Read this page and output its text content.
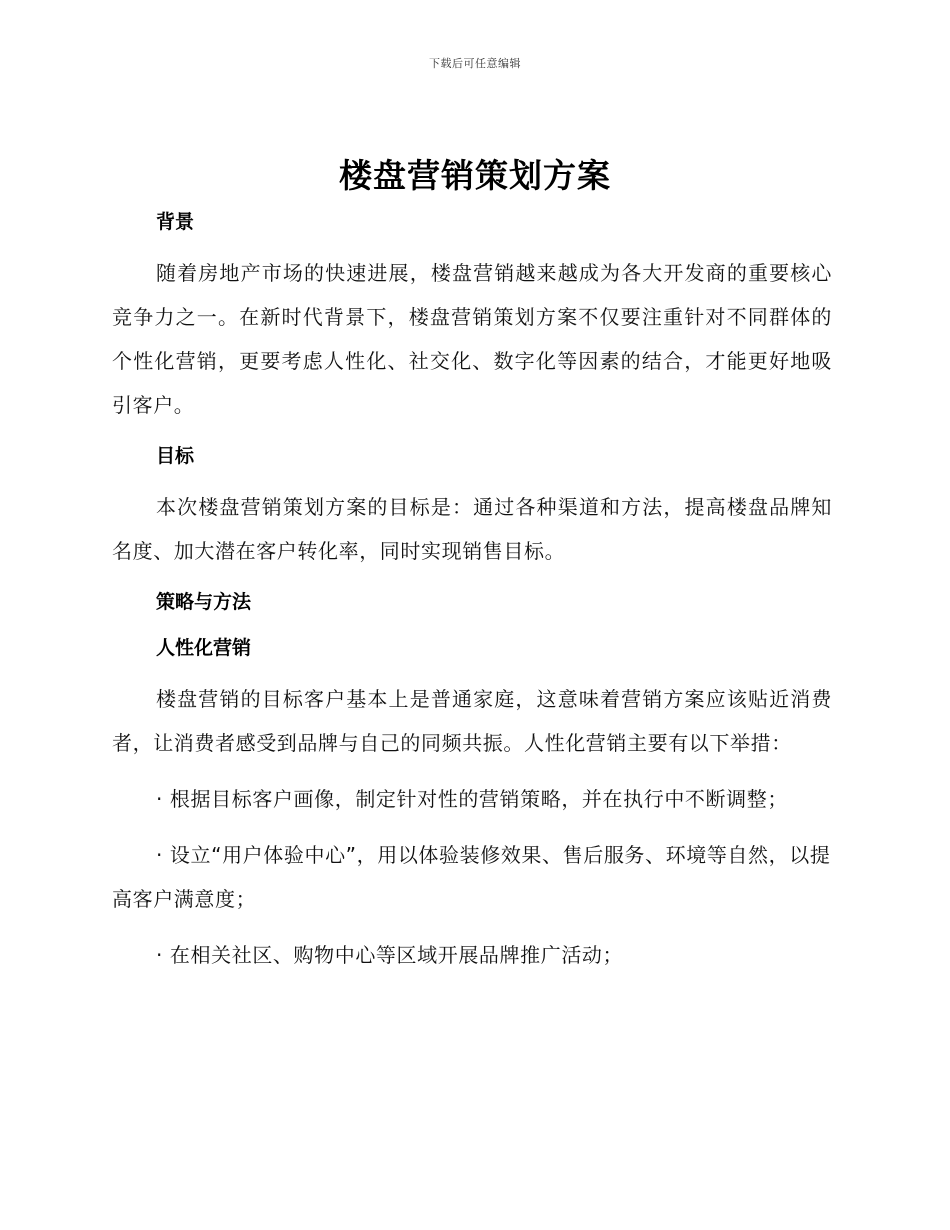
下载后可任意编辑
楼盘营销策划方案
背景

随着房地产市场的快速进展，楼盘营销越来越成为各大开发商的重要核心竞争力之一。在新时代背景下，楼盘营销策划方案不仅要注重针对不同群体的个性化营销，更要考虑人性化、社交化、数字化等因素的结合，才能更好地吸引客户。

目标

本次楼盘营销策划方案的目标是：通过各种渠道和方法，提高楼盘品牌知名度、加大潜在客户转化率，同时实现销售目标。

策略与方法
人性化营销

楼盘营销的目标客户基本上是普通家庭，这意味着营销方案应该贴近消费者，让消费者感受到品牌与自己的同频共振。人性化营销主要有以下举措：

· 根据目标客户画像，制定针对性的营销策略，并在执行中不断调整；

· 设立“用户体验中心”，用以体验装修效果、售后服务、环境等自然，以提高客户满意度；

· 在相关社区、购物中心等区域开展品牌推广活动；
